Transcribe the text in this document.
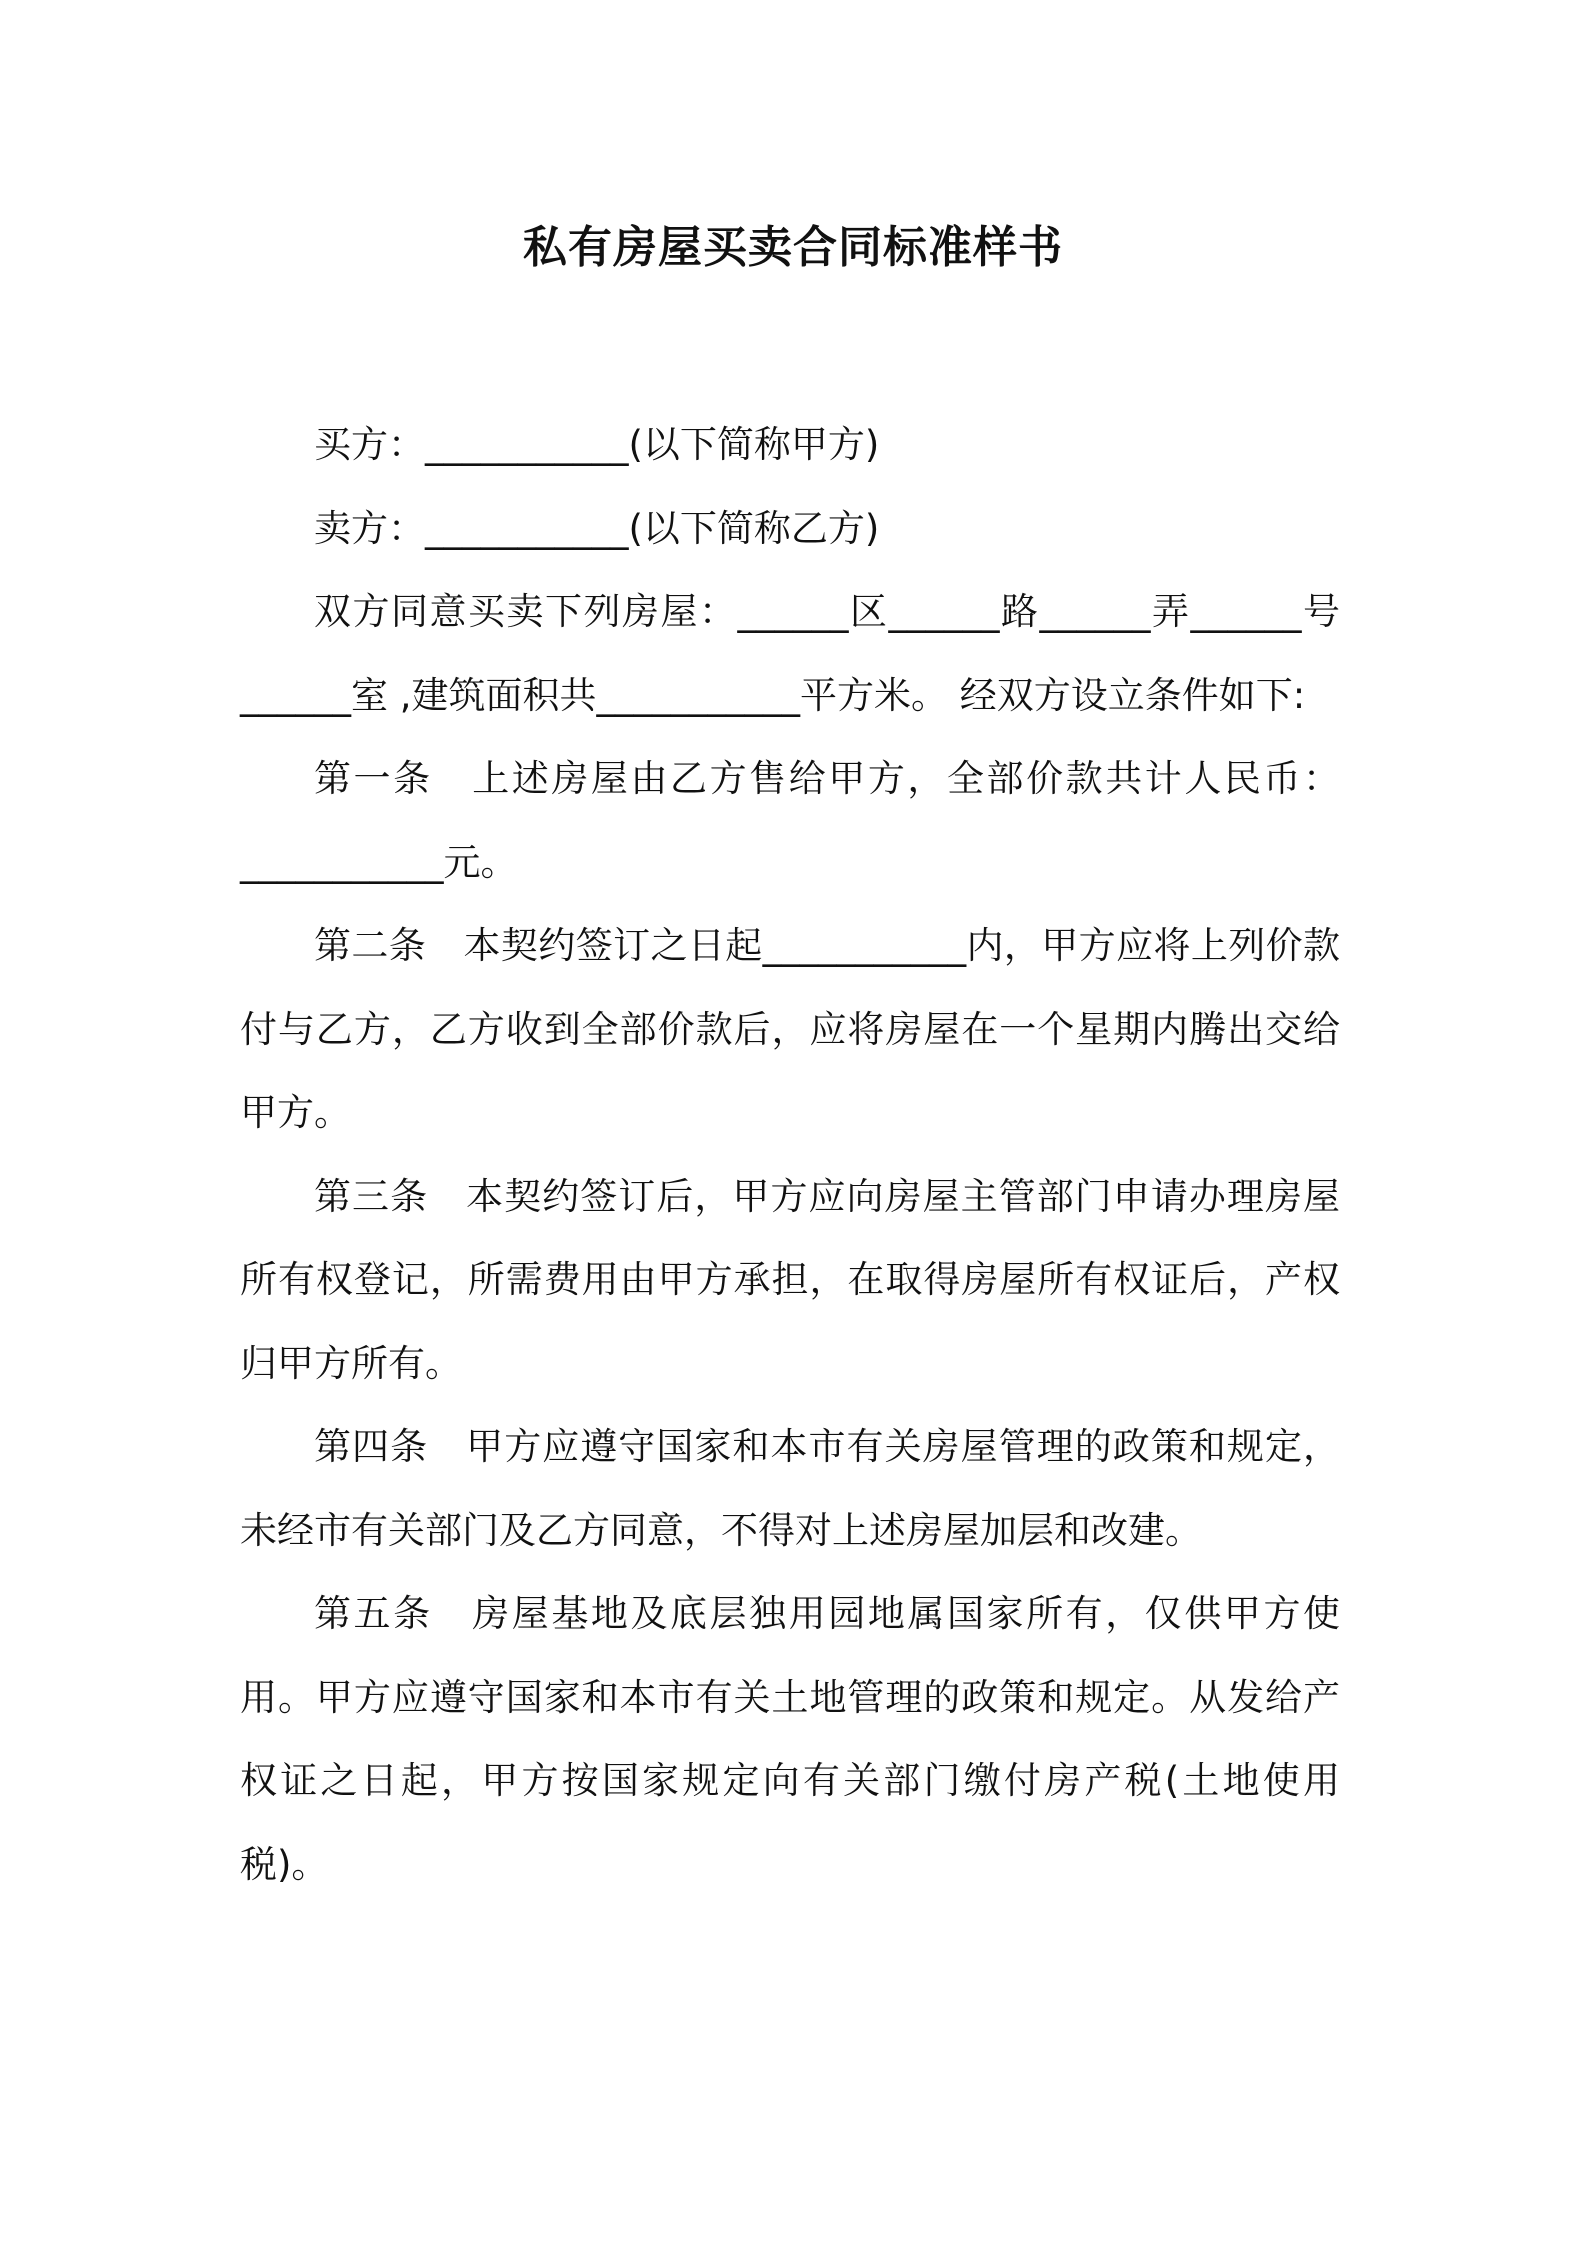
私有房屋买卖合同标准样书

买方：___________(以下简称甲方)

卖方：___________(以下简称乙方)

双方同意买卖下列房屋：______区______路______弄______号______室 ,建筑面积共___________平方米。 经双方设立条件如下:

第一条　上述房屋由乙方售给甲方，全部价款共计人民币：___________元。

第二条　本契约签订之日起___________内，甲方应将上列价款付与乙方，乙方收到全部价款后，应将房屋在一个星期内腾出交给甲方。

第三条　本契约签订后，甲方应向房屋主管部门申请办理房屋所有权登记，所需费用由甲方承担，在取得房屋所有权证后，产权归甲方所有。

第四条　甲方应遵守国家和本市有关房屋管理的政策和规定，未经市有关部门及乙方同意，不得对上述房屋加层和改建。

第五条　房屋基地及底层独用园地属国家所有，仅供甲方使用。甲方应遵守国家和本市有关土地管理的政策和规定。从发给产权证之日起，甲方按国家规定向有关部门缴付房产税(土地使用税)。
